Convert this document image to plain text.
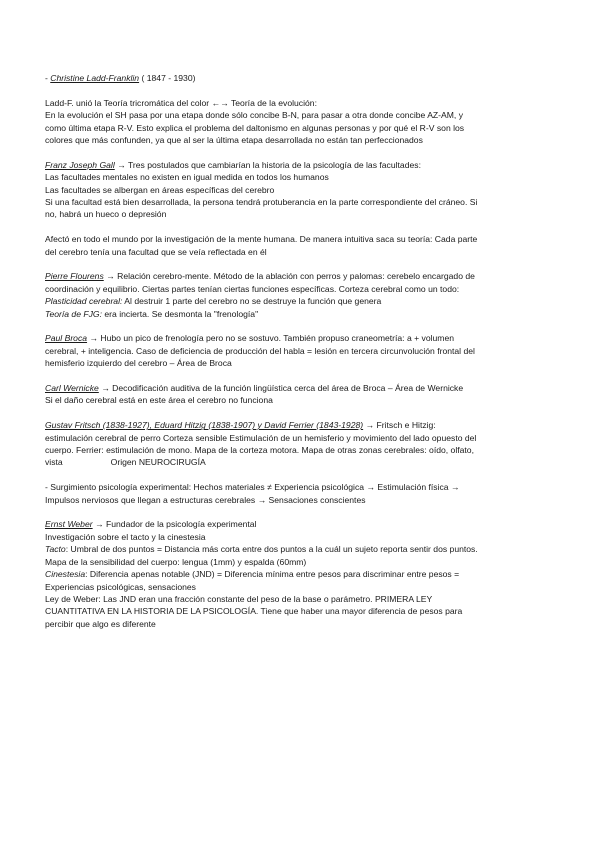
- Christine Ladd-Franklin ( 1847 - 1930)
Ladd-F. unió la Teoría tricromática del color ←→ Teoría de la evolución:
En la evolución el SH pasa por una etapa donde sólo concibe B-N, para pasar a otra donde concibe AZ-AM, y
como última etapa R-V. Esto explica el problema del daltonismo en algunas personas y por qué el R-V son los
colores que más confunden, ya que al ser la última etapa desarrollada no están tan perfeccionados
Franz Joseph Gall → Tres postulados que cambiarían la historia de la psicología de las facultades:
Las facultades mentales no existen en igual medida en todos los humanos
Las facultades se albergan en áreas específicas del cerebro
Si una facultad está bien desarrollada, la persona tendrá protuberancia en la parte correspondiente del cráneo. Si
no, habrá un hueco o depresión
Afectó en todo el mundo por la investigación de la mente humana. De manera intuitiva saca su teoría: Cada parte
del cerebro tenía una facultad que se veía reflectada en él
Pierre Flourens → Relación cerebro-mente. Método de la ablación con perros y palomas: cerebelo encargado de
coordinación y equilibrio. Ciertas partes tenían ciertas funciones específicas. Corteza cerebral como un todo:
Plasticidad cerebral: Al destruir 1 parte del cerebro no se destruye la función que genera
Teoría de FJG: era incierta. Se desmonta la "frenología"
Paul Broca → Hubo un pico de frenología pero no se sostuvo. También propuso craneometría: a + volumen
cerebral, + inteligencia. Caso de deficiencia de producción del habla = lesión en tercera circunvolución frontal del
hemisferio izquierdo del cerebro – Área de Broca
Carl Wernicke → Decodificación auditiva de la función lingüística cerca del área de Broca – Área de Wernicke
Si el daño cerebral está en este área el cerebro no funciona
Gustav Fritsch (1838-1927), Eduard Hitzig (1838-1907) y David Ferrier (1843-1928) → Fritsch e Hitzig:
estimulación cerebral de perro Corteza sensible Estimulación de un hemisferio y movimiento del lado opuesto del
cuerpo. Ferrier: estimulación de mono. Mapa de la corteza motora. Mapa de otras zonas cerebrales: oído, olfato,
vista	Origen NEUROCIRUGÍA
- Surgimiento psicología experimental: Hechos materiales ≠ Experiencia psicológica → Estimulación física →
Impulsos nerviosos que llegan a estructuras cerebrales → Sensaciones conscientes
Ernst Weber → Fundador de la psicología experimental
Investigación sobre el tacto y la cinestesia
Tacto: Umbral de dos puntos = Distancia más corta entre dos puntos a la cuál un sujeto reporta sentir dos puntos.
Mapa de la sensibilidad del cuerpo: lengua (1mm) y espalda (60mm)
Cinestesia: Diferencia apenas notable (JND) = Diferencia mínima entre pesos para discriminar entre pesos =
Experiencias psicológicas, sensaciones
Ley de Weber: Las JND eran una fracción constante del peso de la base o parámetro. PRIMERA LEY
CUANTITATIVA EN LA HISTORIA DE LA PSICOLOGÍA. Tiene que haber una mayor diferencia de pesos para
percibir que algo es diferente
